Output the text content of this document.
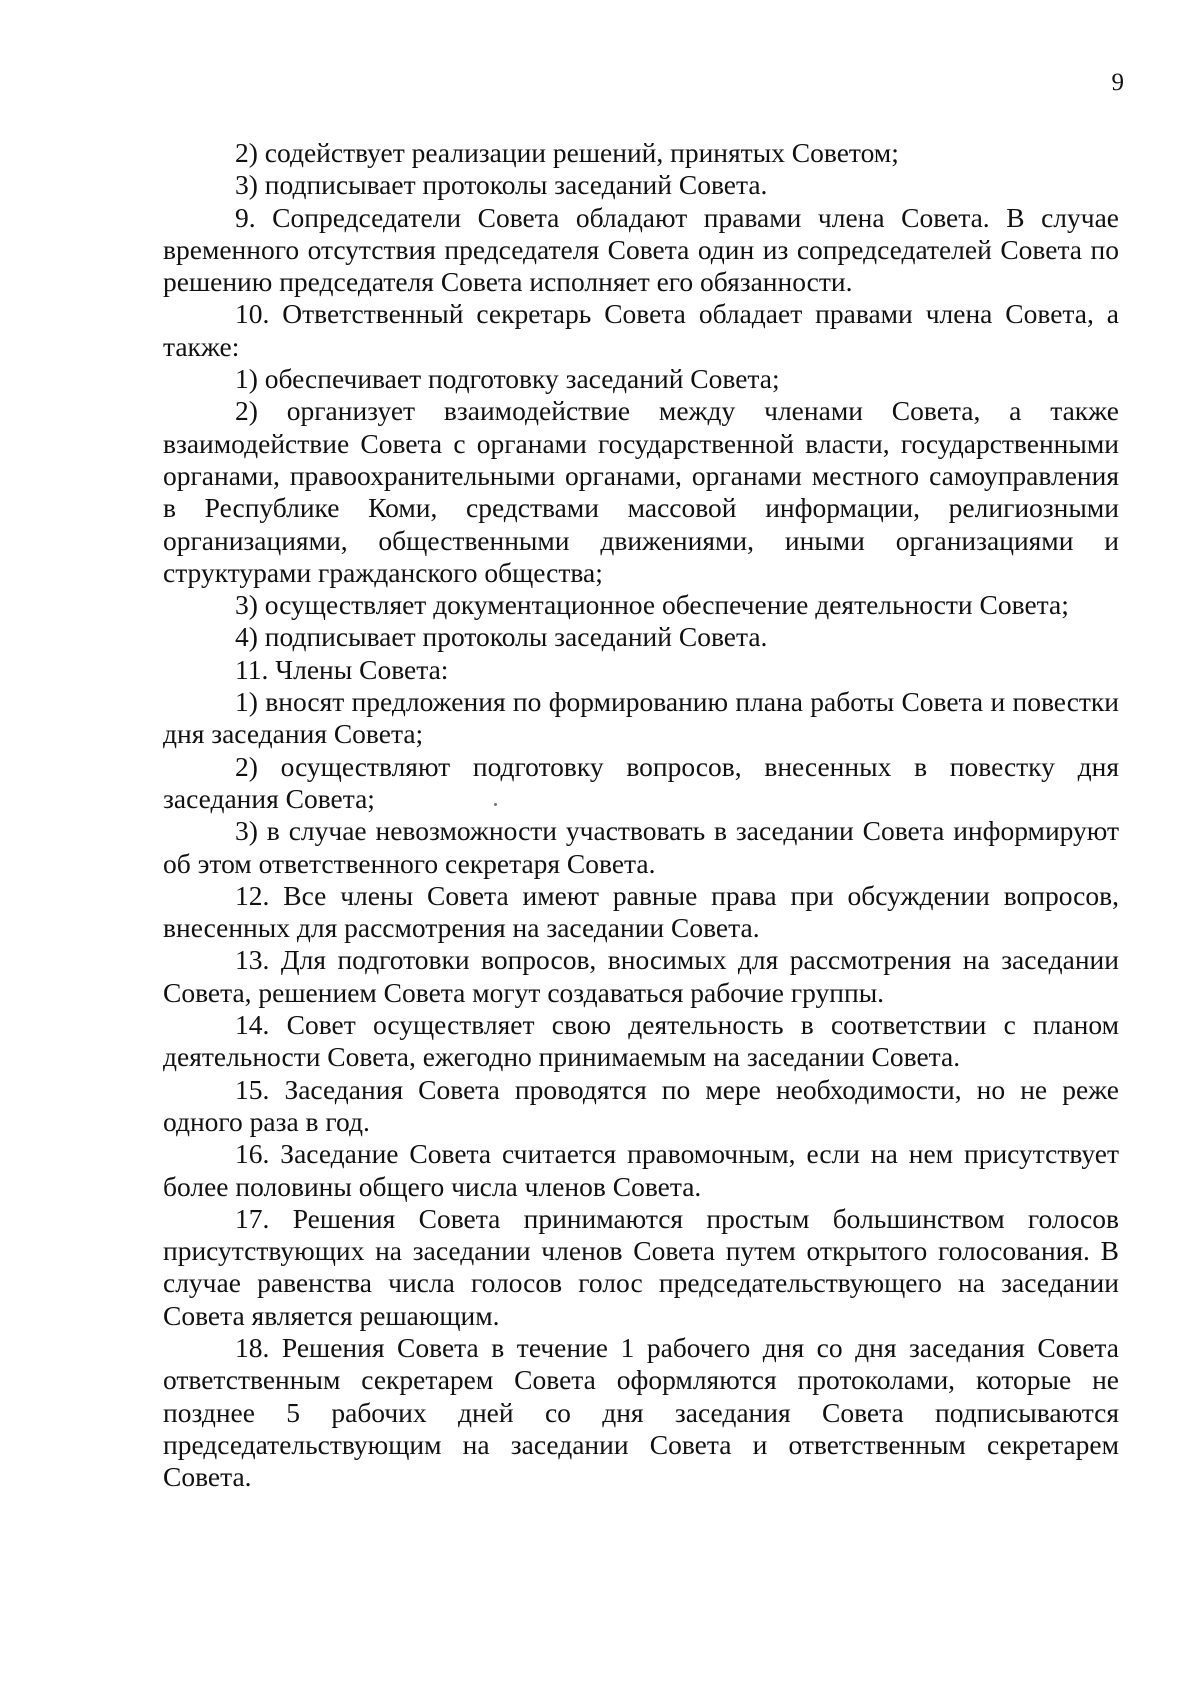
9

2) содействует реализации решений, принятых Советом;

3) подписывает протоколы заседаний Совета.

9. Сопредседатели Совета обладают правами члена Совета. В случае временного отсутствия председателя Совета один из сопредседателей Совета по решению председателя Совета исполняет его обязанности.

10. Ответственный секретарь Совета обладает правами члена Совета, а также:

1) обеспечивает подготовку заседаний Совета;

2) организует взаимодействие между членами Совета, а также взаимодействие Совета с органами государственной власти, государственными органами, правоохранительными органами, органами местного самоуправления в Республике Коми, средствами массовой информации, религиозными организациями, общественными движениями, иными организациями и структурами гражданского общества;

3) осуществляет документационное обеспечение деятельности Совета;

4) подписывает протоколы заседаний Совета.

11. Члены Совета:

1) вносят предложения по формированию плана работы Совета и повестки дня заседания Совета;

2) осуществляют подготовку вопросов, внесенных в повестку дня заседания Совета;

3) в случае невозможности участвовать в заседании Совета информируют об этом ответственного секретаря Совета.

12. Все члены Совета имеют равные права при обсуждении вопросов, внесенных для рассмотрения на заседании Совета.

13. Для подготовки вопросов, вносимых для рассмотрения на заседании Совета, решением Совета могут создаваться рабочие группы.

14. Совет осуществляет свою деятельность в соответствии с планом деятельности Совета, ежегодно принимаемым на заседании Совета.

15. Заседания Совета проводятся по мере необходимости, но не реже одного раза в год.

16. Заседание Совета считается правомочным, если на нем присутствует более половины общего числа членов Совета.

17. Решения Совета принимаются простым большинством голосов присутствующих на заседании членов Совета путем открытого голосования. В случае равенства числа голосов голос председательствующего на заседании Совета является решающим.

18. Решения Совета в течение 1 рабочего дня со дня заседания Совета ответственным секретарем Совета оформляются протоколами, которые не позднее 5 рабочих дней со дня заседания Совета подписываются председательствующим на заседании Совета и ответственным секретарем Совета.
